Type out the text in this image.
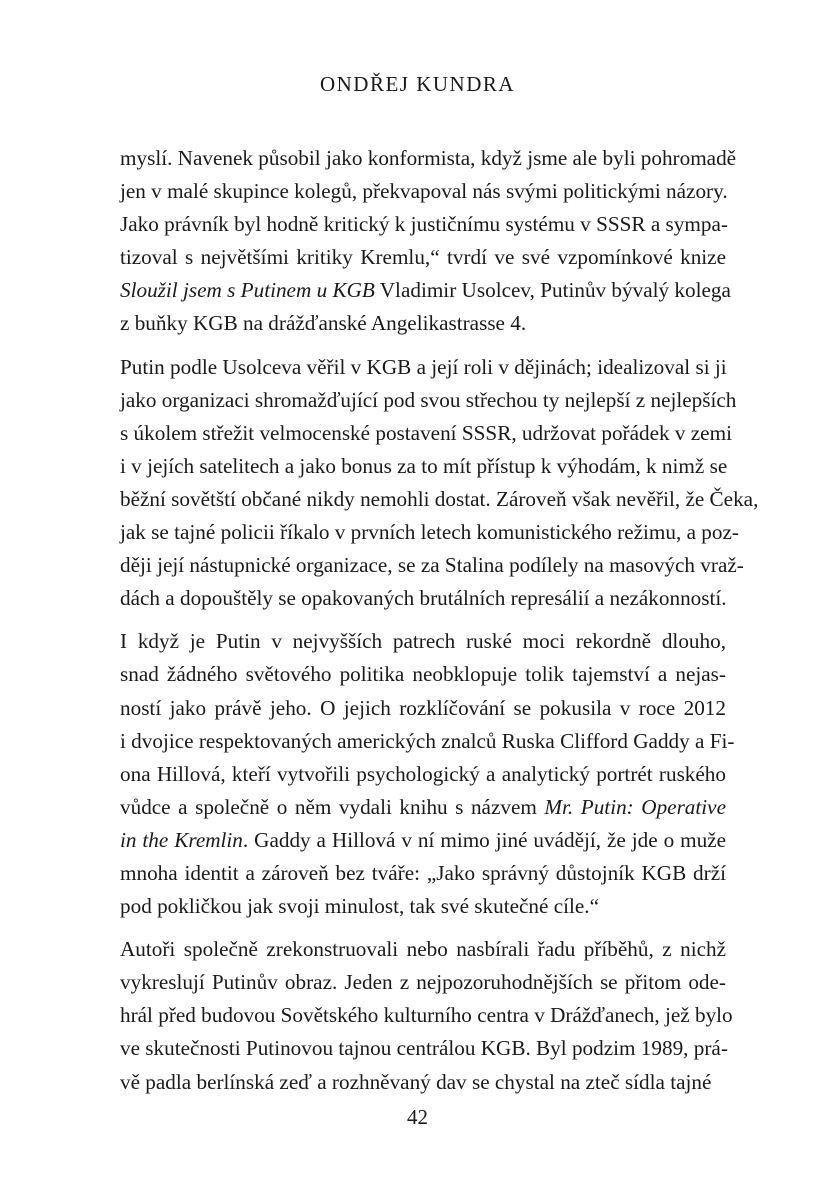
ONDŘEJ KUNDRA
myslí. Navenek působil jako konformista, když jsme ale byli pohromadě
jen v malé skupince kolegů, překvapoval nás svými politickými názory.
Jako právník byl hodně kritický k justičnímu systému v SSSR a sympa-
tizoval s největšími kritiky Kremlu,“ tvrdí ve své vzpomínkové knize
Sloužil jsem s Putinem u KGB Vladimir Usolcev, Putinův bývalý kolega
z buňky KGB na drážďanské Angelikastrasse 4.
Putin podle Usolceva věřil v KGB a její roli v dějinách; idealizoval si ji
jako organizaci shromažďující pod svou střechou ty nejlepší z nejlepších
s úkolem střežit velmocenské postavení SSSR, udržovat pořádek v zemi
i v jejích satelitech a jako bonus za to mít přístup k výhodám, k nimž se
běžní sovětští občané nikdy nemohli dostat. Zároveň však nevěřil, že Čeka,
jak se tajné policii říkalo v prvních letech komunistického režimu, a poz-
ději její nástupnické organizace, se za Stalina podílely na masových vraž-
dách a dopouštěly se opakovaných brutálních represálií a nezákonností.
I když je Putin v nejvyšších patrech ruské moci rekordně dlouho,
snad žádného světového politika neobklopuje tolik tajemství a nejas-
ností jako právě jeho. O jejich rozklíčování se pokusila v roce 2012
i dvojice respektovaných amerických znalců Ruska Clifford Gaddy a Fi-
ona Hillová, kteří vytvořili psychologický a analytický portrét ruského
vůdce a společně o něm vydali knihu s názvem Mr. Putin: Operative
in the Kremlin. Gaddy a Hillová v ní mimo jiné uvádějí, že jde o muže
mnoha identit a zároveň bez tváře: „Jako správný důstojník KGB drží
pod pokličkou jak svoji minulost, tak své skutečné cíle.“
Autoři společně zrekonstruovali nebo nasbírali řadu příběhů, z nichž
vykreslují Putinův obraz. Jeden z nejpozoruhodnějších se přitom ode-
hrál před budovou Sovětského kulturního centra v Drážďanech, jež bylo
ve skutečnosti Putinovou tajnou centrálou KGB. Byl podzim 1989, prá-
vě padla berlínská zeď a rozhněvaný dav se chystal na zteč sídla tajné
42
